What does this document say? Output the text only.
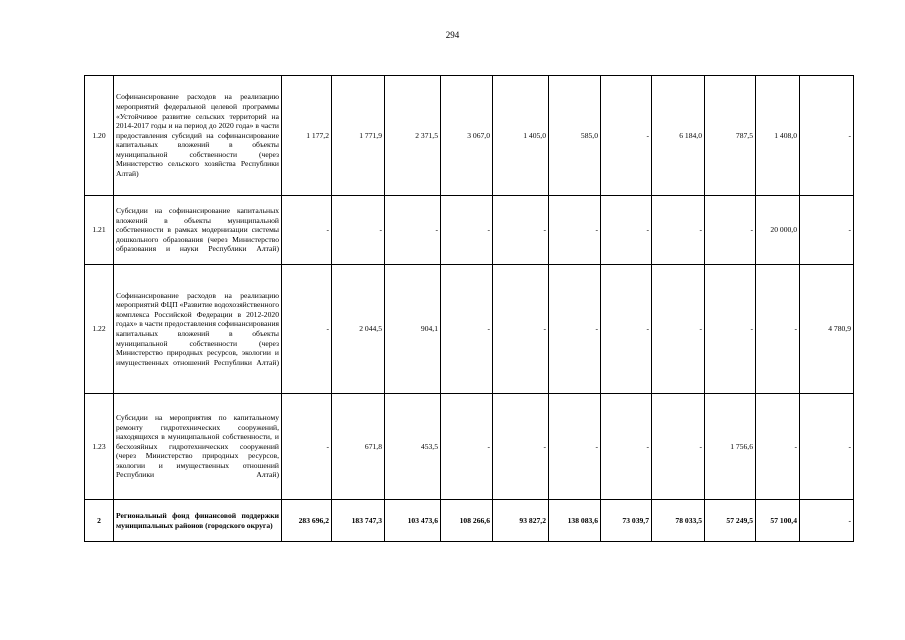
294
1.20	Софинансирование расходов на реализацию мероприятий федеральной целевой программы «Устойчивое развитие сельских территорий на 2014-2017 годы и на период до 2020 года» в части предоставления субсидий на софинансирование капитальных вложений в объекты муниципальной собственности (через Министерство сельского хозяйства Республики Алтай)	1 177,2	1 771,9	2 371,5	3 067,0	1 405,0	585,0	-	6 184,0	787,5	1 408,0	-
1.21	Субсидии на софинансирование капитальных вложений в объекты муниципальной собственности в рамках модернизации системы дошкольного образования (через Министерство образования и науки Республики Алтай)	-	-	-	-	-	-	-	-	-	20 000,0	-
1.22	Софинансирование расходов на реализацию мероприятий ФЦП «Развитие водохозяйственного комплекса Российской Федерации в 2012-2020 годах» в части предоставления софинансирования капитальных вложений в объекты муниципальной собственности (через Министерство природных ресурсов, экологии и имущественных отношений Республики Алтай)	-	2 044,5	904,1	-	-	-	-	-	-	-	4 780,9
1.23	Субсидии на мероприятия по капитальному ремонту гидротехнических сооружений, находящихся в муниципальной собственности, и бесхозяйных гидротехнических сооружений (через Министерство природных ресурсов, экологии и имущественных отношений Республики Алтай)	-	671,8	453,5	-	-	-	-	-	1 756,6	-	-
2	Региональный фонд финансовой поддержки муниципальных районов (городского округа)	283 696,2	183 747,3	103 473,6	108 266,6	93 827,2	138 083,6	73 039,7	78 033,5	57 249,5	57 100,4	-
